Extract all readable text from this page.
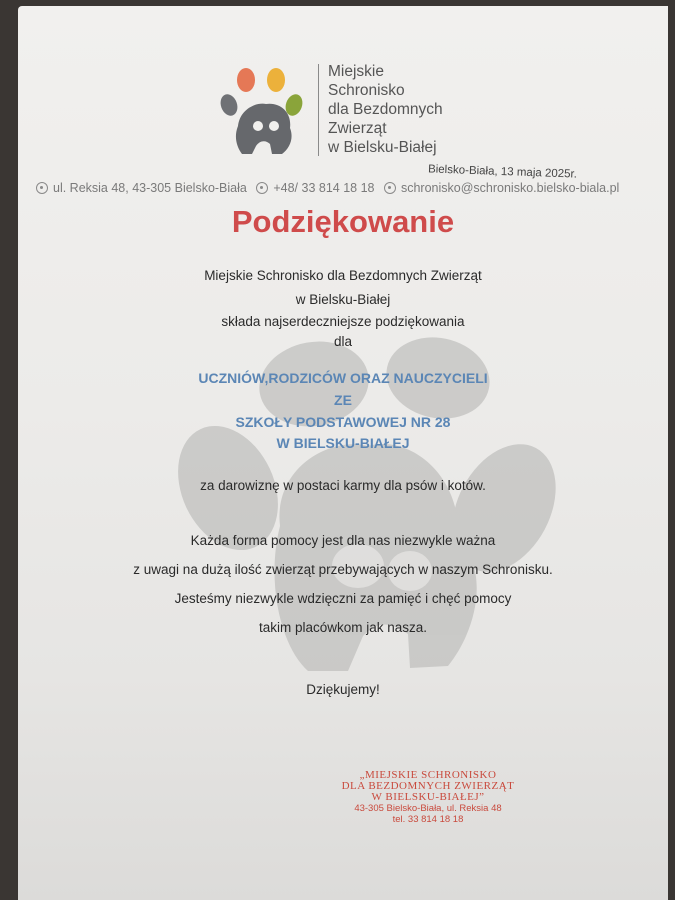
Miejskie
Schronisko
dla Bezdomnych
Zwierząt
w Bielsku-Białej
Bielsko-Biała, 13 maja 2025r.
ul. Reksia 48, 43-305 Bielsko-Biała
+48/ 33 814 18 18
schronisko@schronisko.bielsko-biala.pl
Podziękowanie
Miejskie Schronisko dla Bezdomnych Zwierząt
w Bielsku-Białej
składa najserdeczniejsze podziękowania
dla
UCZNIÓW,RODZICÓW ORAZ NAUCZYCIELI
ZE
SZKOŁY PODSTAWOWEJ NR 28
W BIELSKU-BIAŁEJ
za darowiznę w postaci karmy dla psów i kotów.
Każda forma pomocy jest dla nas niezwykle ważna
z uwagi na dużą ilość zwierząt przebywających w naszym Schronisku.
Jesteśmy niezwykle wdzięczni za pamięć i chęć pomocy
takim placówkom jak nasza.
Dziękujemy!
„MIEJSKIE SCHRONISKO
DLA BEZDOMNYCH ZWIERZĄT
W BIELSKU-BIAŁEJ”
43-305 Bielsko-Biała, ul. Reksia 48
tel. 33 814 18 18
